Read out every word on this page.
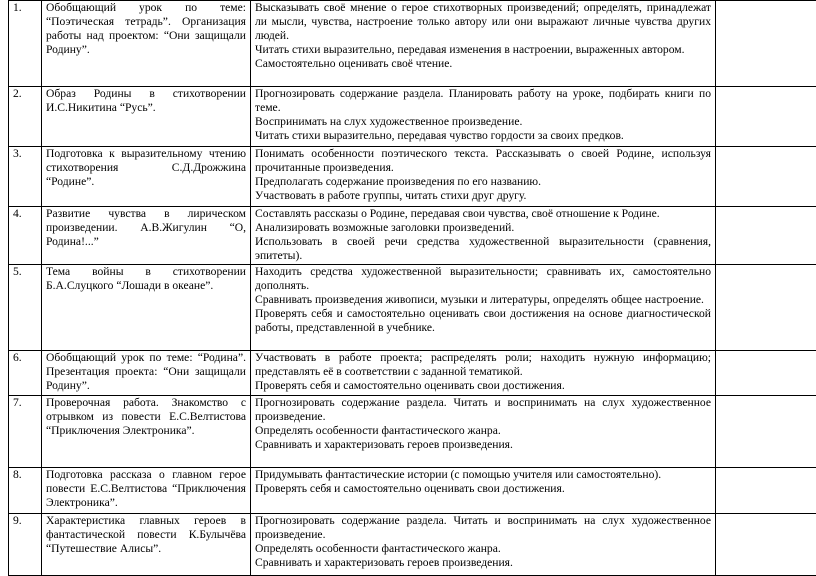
1.	Обобщающий урок по теме: “Поэтическая тетрадь”. Организация работы над проектом: “Они защищали Родину”.	Высказывать своё мнение о герое стихотворных произведений; определять, принадлежат ли мысли, чувства, настроение только автору или они выражают личные чувства других людей.

Читать стихи выразительно, передавая изменения в настроении, выраженных автором.

Самостоятельно оценивать своё чтение.	

2.	Образ Родины в стихотворении И.С.Никитина “Русь”.	Прогнозировать содержание раздела. Планировать работу на уроке, подбирать книги по теме.

Воспринимать на слух художественное произведение.

Читать стихи выразительно, передавая чувство гордости за своих предков.	

3.	Подготовка к выразительному чтению стихотворения С.Д.Дрожжина “Родине”.	Понимать особенности поэтического текста. Рассказывать о своей Родине, используя прочитанные произведения.

Предполагать содержание произведения по его названию.

Участвовать в работе группы, читать стихи друг другу.	

4.	Развитие чувства в лирическом произведении. А.В.Жигулин “О, Родина!...”	Составлять рассказы о Родине, передавая свои чувства, своё отношение к Родине.

Анализировать возможные заголовки произведений.

Использовать в своей речи средства художественной выразительности (сравнения, эпитеты).	

5.	Тема войны в стихотворении Б.А.Слуцкого “Лошади в океане”.	Находить средства художественной выразительности; сравнивать их, самостоятельно дополнять.

Сравнивать произведения живописи, музыки и литературы, определять общее настроение.

Проверять себя и самостоятельно оценивать свои достижения на основе диагностической работы, представленной в учебнике.	

6.	Обобщающий урок по теме: “Родина”. Презентация проекта: “Они защищали Родину”.	Участвовать в работе проекта; распределять роли; находить нужную информацию; представлять её в соответствии с заданной тематикой.

Проверять себя и самостоятельно оценивать свои достижения.	

7.	Проверочная работа. Знакомство с отрывком из повести Е.С.Велтистова “Приключения Электроника”.	Прогнозировать содержание раздела. Читать и воспринимать на слух художественное произведение.

Определять особенности фантастического жанра.

Сравнивать и характеризовать героев произведения.	

8.	Подготовка рассказа о главном герое повести Е.С.Велтистова “Приключения Электроника”.	Придумывать фантастические истории (с помощью учителя или самостоятельно).

Проверять себя и самостоятельно оценивать свои достижения.	

9.	Характеристика главных героев в фантастической повести К.Булычёва “Путешествие Алисы”.	Прогнозировать содержание раздела. Читать и воспринимать на слух художественное произведение.

Определять особенности фантастического жанра.

Сравнивать и характеризовать героев произведения.	
